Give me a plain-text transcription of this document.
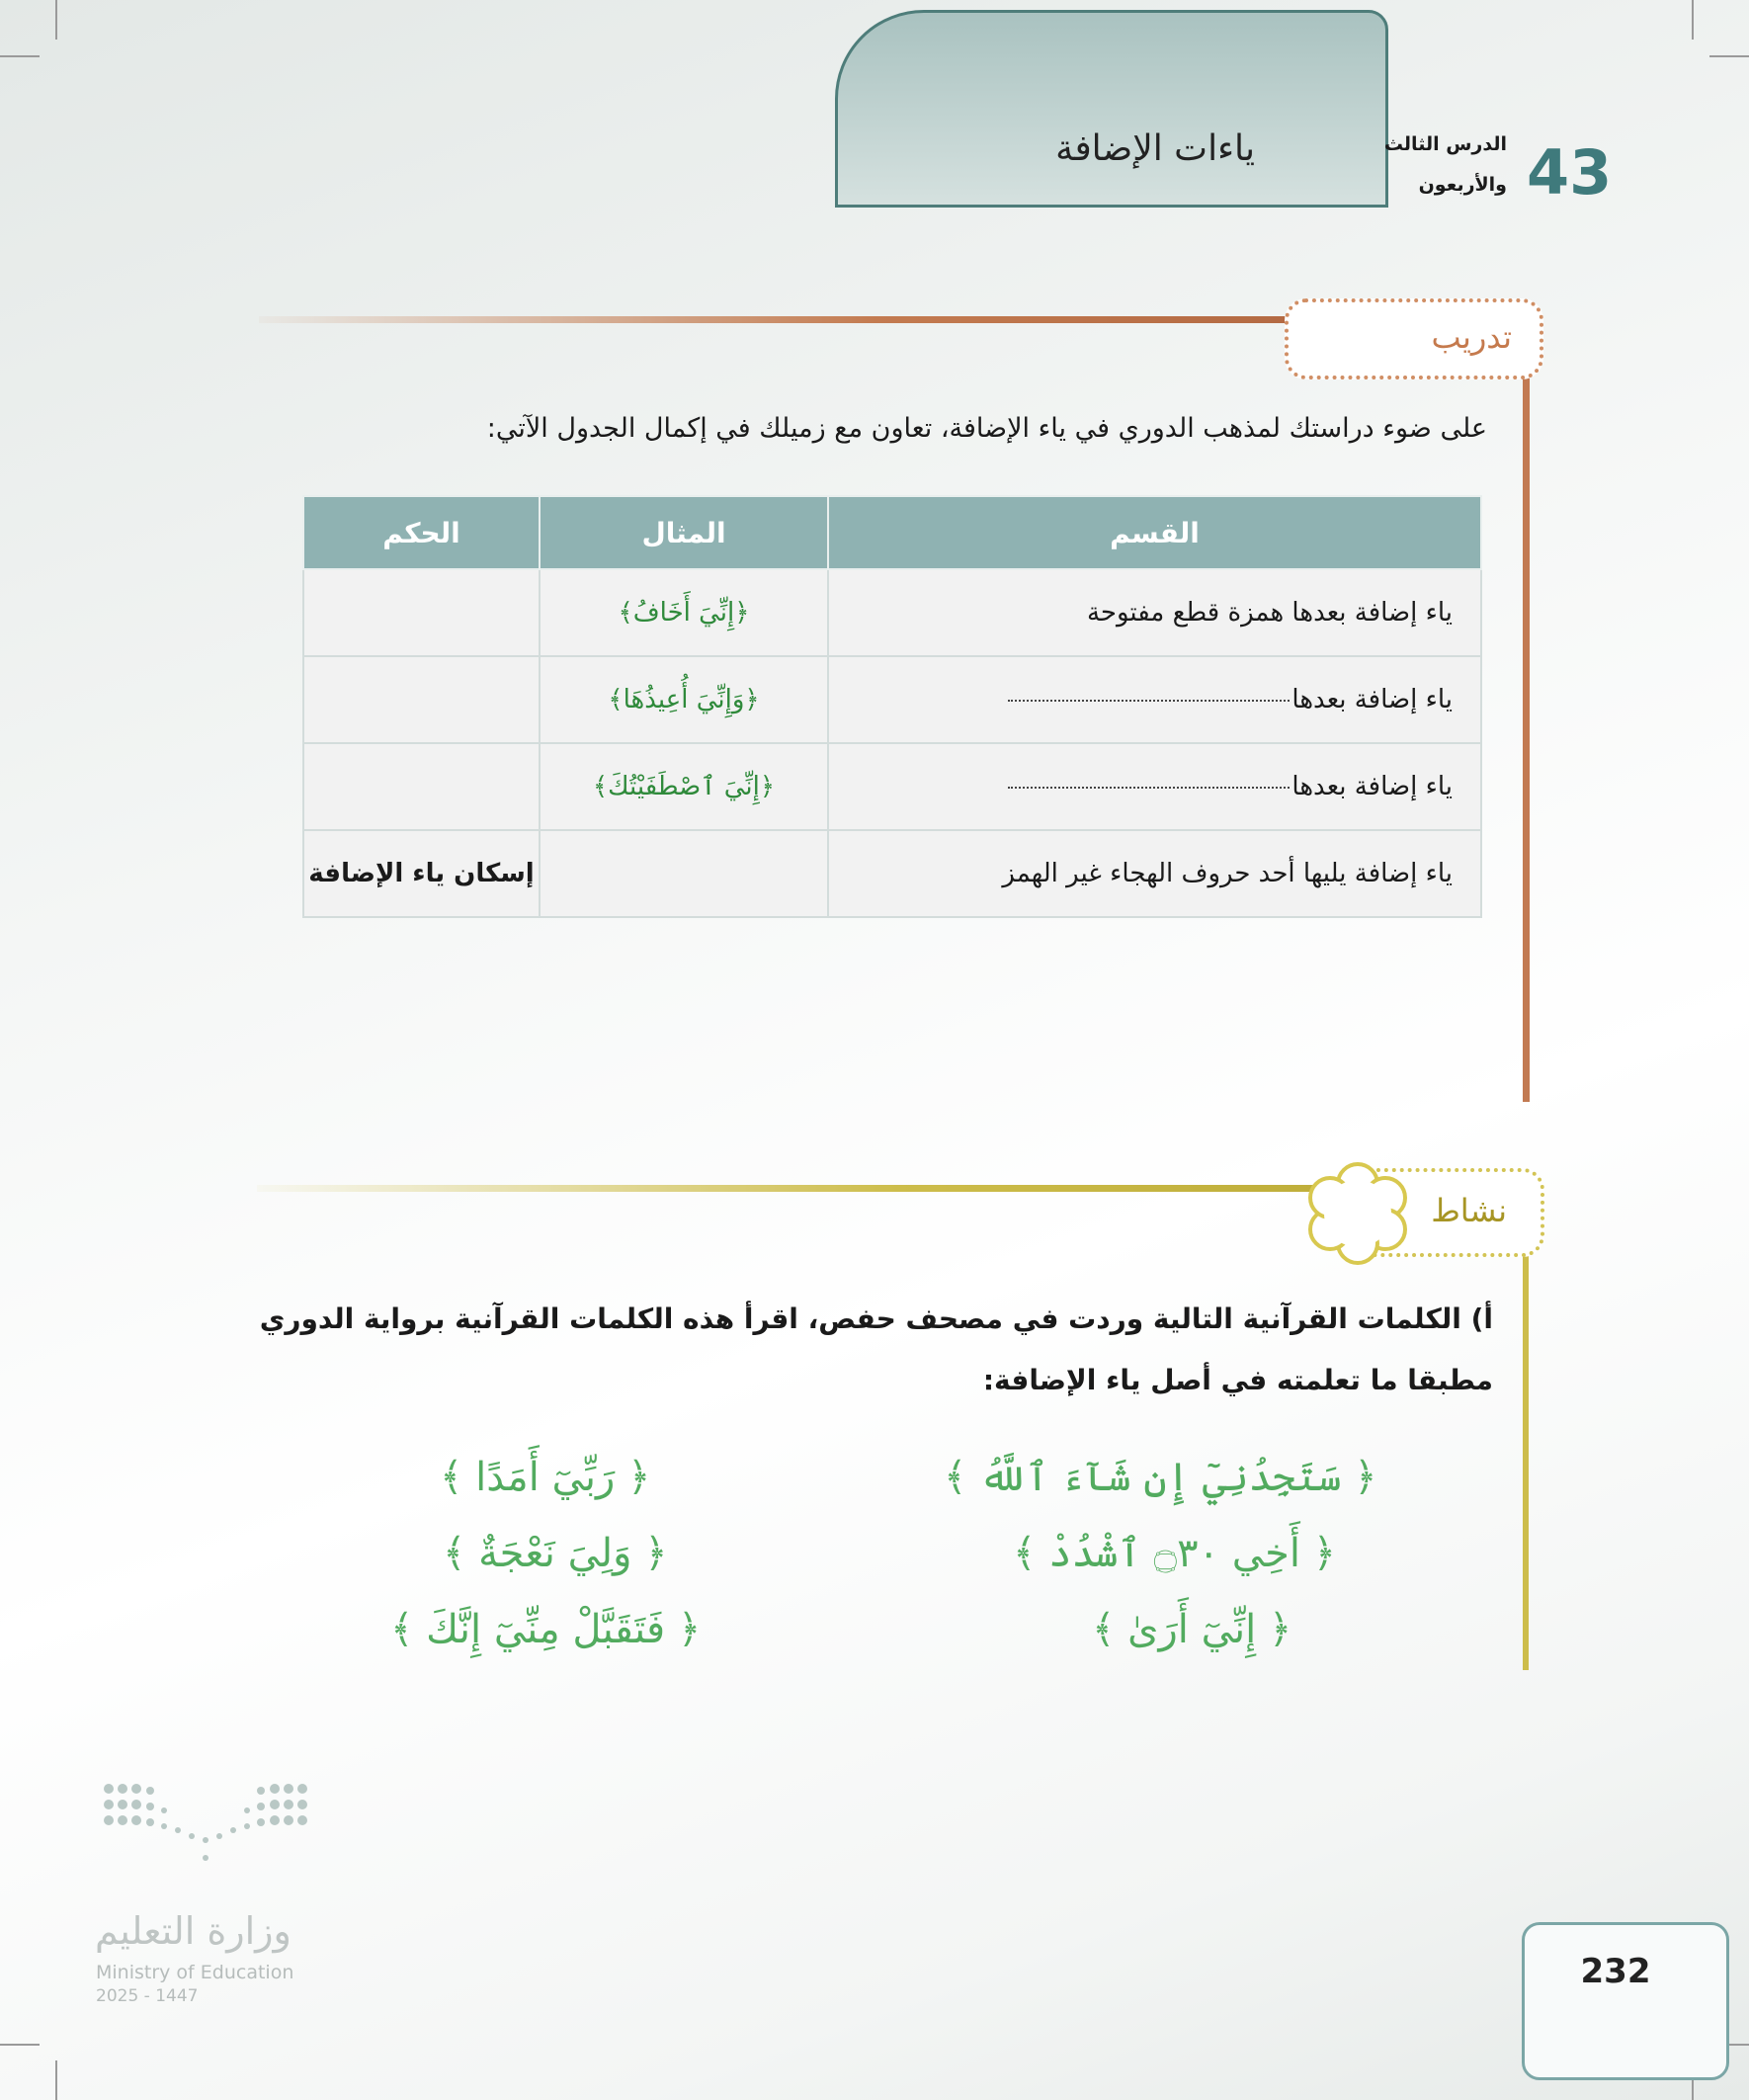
ياءات الإضافة	43
الدرس الثالث
والأربعون
تدريب
على ضوء دراستك لمذهب الدوري في ياء الإضافة، تعاون مع زميلك في إكمال الجدول الآتي:
القسم	المثال	الحكم
ياء إضافة بعدها همزة قطع مفتوحة	﴿إِنِّيَ أَخَافُ﴾	
ياء إضافة بعدها	﴿وَإِنِّيَ أُعِيذُهَا﴾	
ياء إضافة بعدها	﴿إِنِّيَ ٱصْطَفَيْتُكَ﴾	
ياء إضافة يليها أحد حروف الهجاء غير الهمز		إسكان ياء الإضافة
نشاط
أ) الكلمات القرآنية التالية وردت في مصحف حفص، اقرأ هذه الكلمات القرآنية برواية الدوري
مطبقا ما تعلمته في أصل ياء الإضافة:
﴿ سَتَجِدُنِيٓ إِن شَآءَ ٱللَّهُ ﴾
﴿ أَخِي ۝٣٠ ٱشْدُدْ ﴾
﴿ إِنِّيٓ أَرَىٰ ﴾
﴿ رَبِّيٓ أَمَدًا ﴾
﴿ وَلِيَ نَعْجَةٌ ﴾
﴿ فَتَقَبَّلْ مِنِّيٓ إِنَّكَ ﴾
وزارة التعليم
Ministry of Education
2025 - 1447
232
